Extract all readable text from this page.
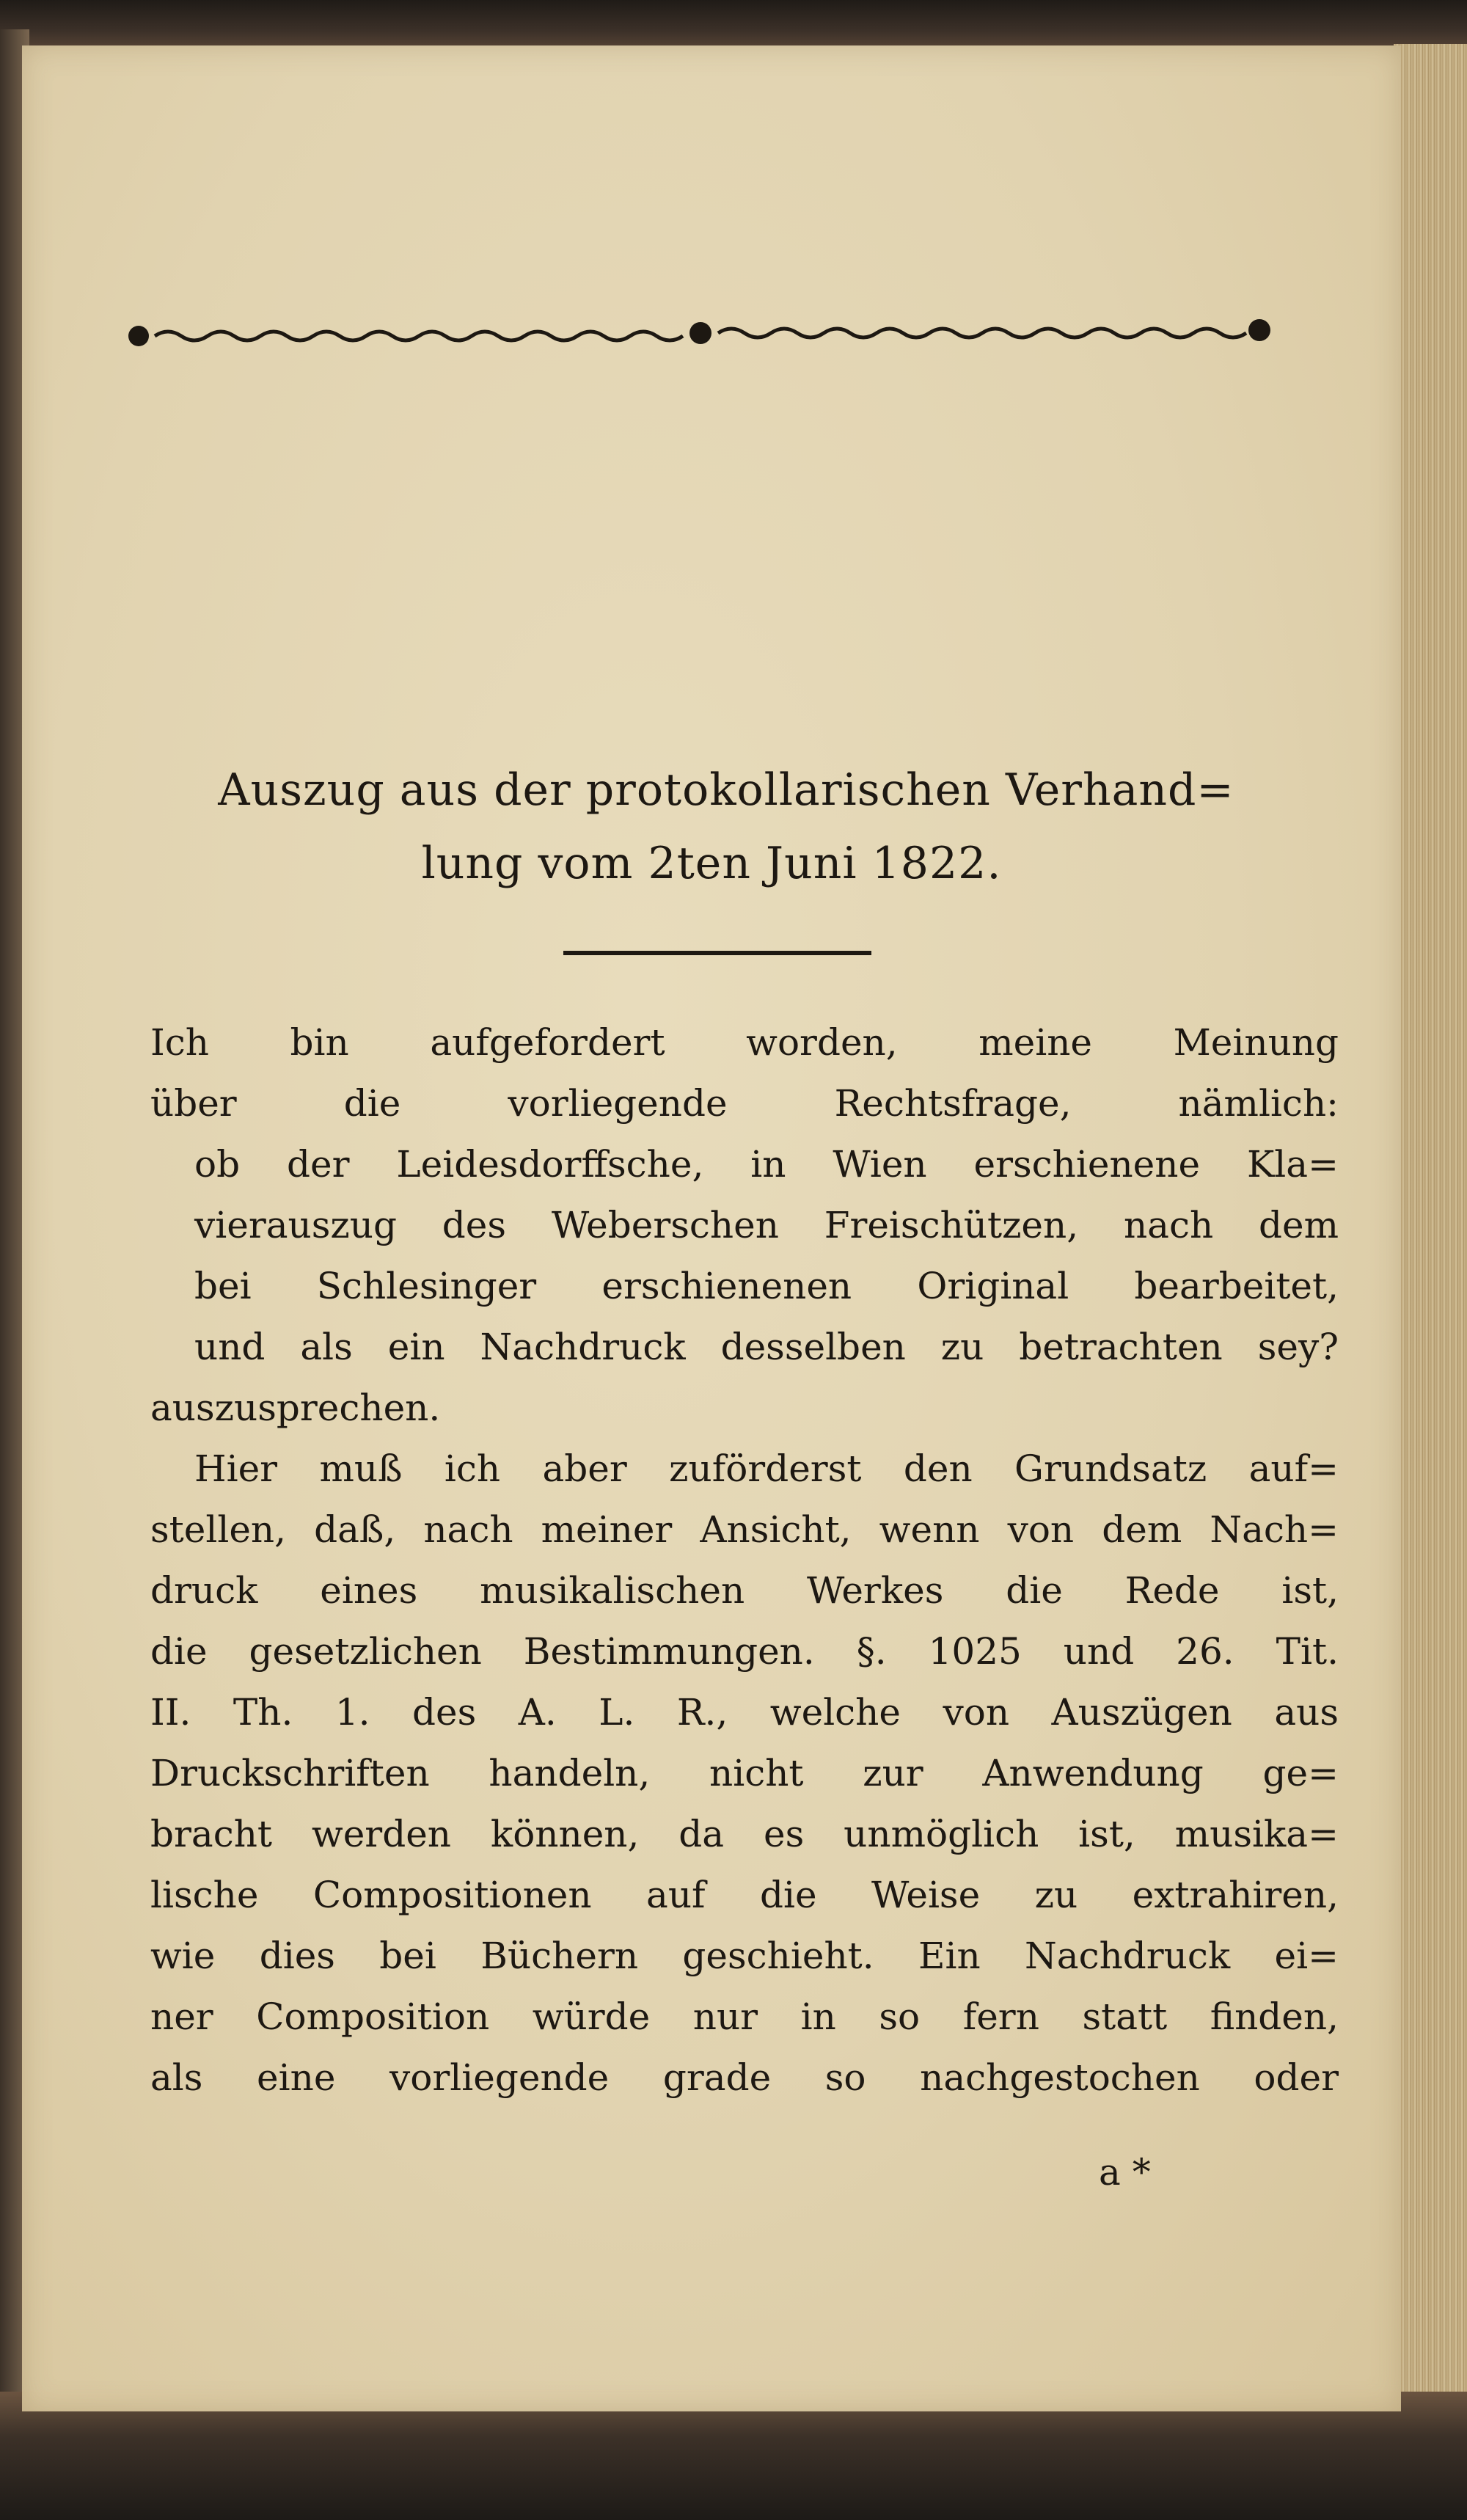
Auszug aus der protokollarischen Verhand=
lung vom 2ten Juni 1822.
Ich bin aufgefordert worden, meine Meinung
über die vorliegende Rechtsfrage, nämlich:
ob der Leidesdorffsche, in Wien erschienene Kla=
vierauszug des Weberschen Freischützen, nach dem
bei Schlesinger erschienenen Original bearbeitet,
und als ein Nachdruck desselben zu betrachten sey?
auszusprechen.
Hier muß ich aber zuförderst den Grundsatz auf=
stellen, daß, nach meiner Ansicht, wenn von dem Nach=
druck eines musikalischen Werkes die Rede ist,
die gesetzlichen Bestimmungen. §. 1025 und 26. Tit.
II. Th. 1. des A. L. R., welche von Auszügen aus
Druckschriften handeln, nicht zur Anwendung ge=
bracht werden können, da es unmöglich ist, musika=
lische Compositionen auf die Weise zu extrahiren,
wie dies bei Büchern geschieht. Ein Nachdruck ei=
ner Composition würde nur in so fern statt finden,
als eine vorliegende grade so nachgestochen oder
a *
